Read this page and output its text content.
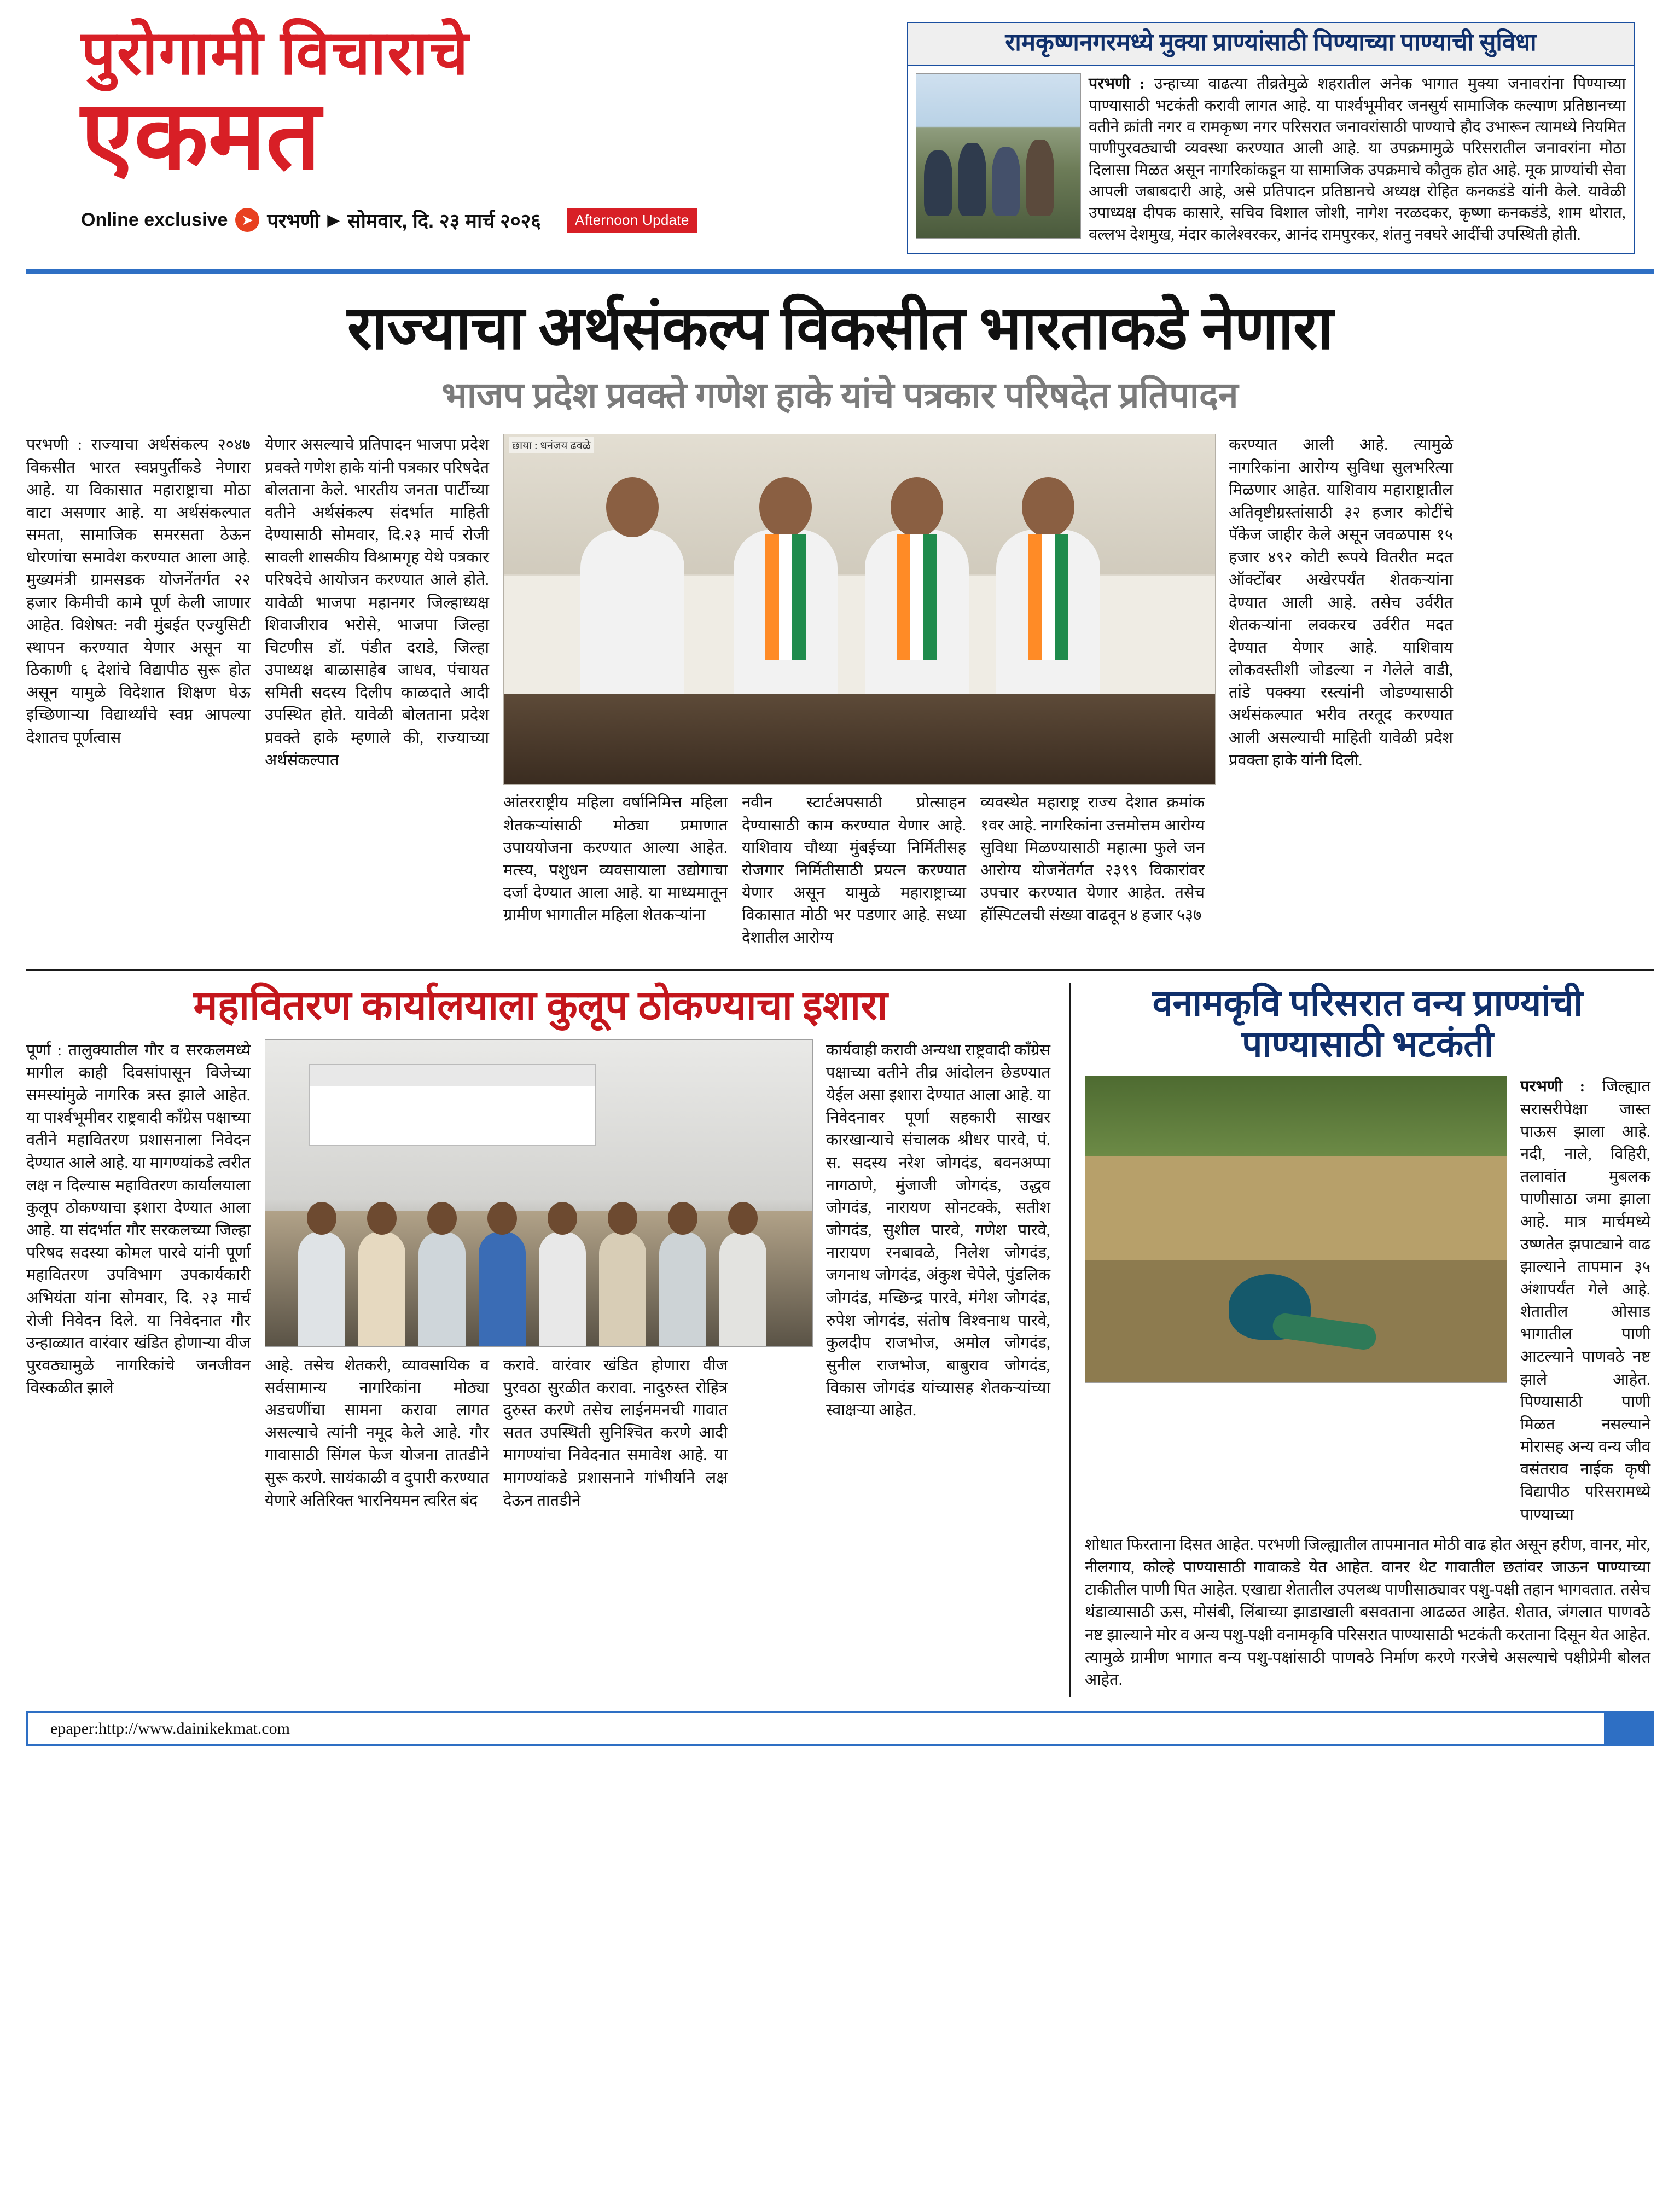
पुरोगामी विचाराचे
एकमत
Online exclusive ➤ परभणी ▶ सोमवार, दि. २३ मार्च २०२६	Afternoon Update
रामकृष्णनगरमध्ये मुक्या प्राण्यांसाठी पिण्याच्या पाण्याची सुविधा
परभणी : उन्हाच्या वाढत्या तीव्रतेमुळे शहरातील अनेक भागात मुक्या जनावरांना पिण्याच्या पाण्यासाठी भटकंती करावी लागत आहे. या पार्श्वभूमीवर जनसुर्य सामाजिक कल्याण प्रतिष्ठानच्या वतीने क्रांती नगर व रामकृष्ण नगर परिसरात जनावरांसाठी पाण्याचे हौद उभारून त्यामध्ये नियमित पाणीपुरवठ्याची व्यवस्था करण्यात आली आहे. या उपक्रमामुळे परिसरातील जनावरांना मोठा दिलासा मिळत असून नागरिकांकडून या सामाजिक उपक्रमाचे कौतुक होत आहे. मूक प्राण्यांची सेवा आपली जबाबदारी आहे, असे प्रतिपादन प्रतिष्ठानचे अध्यक्ष रोहित कनकडंडे यांनी केले. यावेळी उपाध्यक्ष दीपक कासारे, सचिव विशाल जोशी, नागेश नरळदकर, कृष्णा कनकडंडे, शाम थोरात, वल्लभ देशमुख, मंदार कालेश्वरकर, आनंद रामपुरकर, शंतनु नवघरे आदींची उपस्थिती होती.
राज्याचा अर्थसंकल्प विकसीत भारताकडे नेणारा
भाजप प्रदेश प्रवक्ते गणेश हाके यांचे पत्रकार परिषदेत प्रतिपादन

परभणी : राज्याचा अर्थसंकल्प २०४७ विकसीत भारत स्वप्नपुर्तीकडे नेणारा आहे. या विकासात महाराष्ट्राचा मोठा वाटा असणार आहे. या अर्थसंकल्पात समता, सामाजिक समरसता ठेऊन धोरणांचा समावेश करण्यात आला आहे. मुख्यमंत्री ग्रामसडक योजनेंतर्गत २२ हजार किमीची कामे पूर्ण केली जाणार आहेत. विशेषत: नवी मुंबईत एज्युसिटी स्थापन करण्यात येणार असून या ठिकाणी ६ देशांचे विद्यापीठ सुरू होत असून यामुळे विदेशात शिक्षण घेऊ इच्छिणाऱ्या विद्यार्थ्यांचे स्वप्न आपल्या देशातच पूर्णत्वास

येणार असल्याचे प्रतिपादन भाजपा प्रदेश प्रवक्ते गणेश हाके यांनी पत्रकार परिषदेत बोलताना केले. भारतीय जनता पार्टीच्या वतीने अर्थसंकल्प संदर्भात माहिती देण्यासाठी सोमवार, दि.२३ मार्च रोजी सावली शासकीय विश्रामगृह येथे पत्रकार परिषदेचे आयोजन करण्यात आले होते. यावेळी भाजपा महानगर जिल्हाध्यक्ष शिवाजीराव भरोसे, भाजपा जिल्हा चिटणीस डॉ. पंडीत दराडे, जिल्हा उपाध्यक्ष बाळासाहेब जाधव, पंचायत समिती सदस्य दिलीप काळदाते आदी उपस्थित होते. यावेळी बोलताना प्रदेश प्रवक्ते हाके म्हणाले की, राज्याच्या अर्थसंकल्पात

छाया : धनंजय ढवळे

आंतरराष्ट्रीय महिला वर्षानिमित्त महिला शेतकऱ्यांसाठी मोठ्या प्रमाणात उपाययोजना करण्यात आल्या आहेत. मत्स्य, पशुधन व्यवसायाला उद्योगाचा दर्जा देण्यात आला आहे. या माध्यमातून ग्रामीण भागातील महिला शेतकऱ्यांना

नवीन स्टार्टअपसाठी प्रोत्साहन देण्यासाठी काम करण्यात येणार आहे. याशिवाय चौथ्या मुंबईच्या निर्मितीसह रोजगार निर्मितीसाठी प्रयत्न करण्यात येणार असून यामुळे महाराष्ट्राच्या विकासात मोठी भर पडणार आहे. सध्या देशातील आरोग्य

व्यवस्थेत महाराष्ट्र राज्य देशात क्रमांक १वर आहे. नागरिकांना उत्तमोत्तम आरोग्य सुविधा मिळण्यासाठी महात्मा फुले जन आरोग्य योजनेंतर्गत २३९९ विकारांवर उपचार करण्यात येणार आहेत. तसेच हॉस्पिटलची संख्या वाढवून ४ हजार ५३७

करण्यात आली आहे. त्यामुळे नागरिकांना आरोग्य सुविधा सुलभरित्या मिळणार आहेत. याशिवाय महाराष्ट्रातील अतिवृष्टीग्रस्तांसाठी ३२ हजार कोटींचे पॅकेज जाहीर केले असून जवळपास १५ हजार ४९२ कोटी रूपये वितरीत मदत ऑक्टोंबर अखेरपर्यंत शेतकऱ्यांना देण्यात आली आहे. तसेच उर्वरीत शेतकऱ्यांना लवकरच उर्वरीत मदत देण्यात येणार आहे. याशिवाय लोकवस्तीशी जोडल्या न गेलेले वाडी, तांडे पक्क्या रस्त्यांनी जोडण्यासाठी अर्थसंकल्पात भरीव तरतूद करण्यात आली असल्याची माहिती यावेळी प्रदेश प्रवक्ता हाके यांनी दिली.

महावितरण कार्यालयाला कुलूप ठोकण्याचा इशारा

पूर्णा : तालुक्यातील गौर व सरकलमध्ये मागील काही दिवसांपासून विजेच्या समस्यांमुळे नागरिक त्रस्त झाले आहेत. या पार्श्वभूमीवर राष्ट्रवादी काँग्रेस पक्षाच्या वतीने महावितरण प्रशासनाला निवेदन देण्यात आले आहे. या मागण्यांकडे त्वरीत लक्ष न दिल्यास महावितरण कार्यालयाला कुलूप ठोकण्याचा इशारा देण्यात आला आहे. या संदर्भात गौर सरकलच्या जिल्हा परिषद सदस्या कोमल पारवे यांनी पूर्णा महावितरण उपविभाग उपकार्यकारी अभियंता यांना सोमवार, दि. २३ मार्च रोजी निवेदन दिले. या निवेदनात गौर उन्हाळ्यात वारंवार खंडित होणाऱ्या वीज पुरवठ्यामुळे नागरिकांचे जनजीवन विस्कळीत झाले

आहे. तसेच शेतकरी, व्यावसायिक व सर्वसामान्य नागरिकांना मोठ्या अडचणींचा सामना करावा लागत असल्याचे त्यांनी नमूद केले आहे. गौर गावासाठी सिंगल फेज योजना तातडीने सुरू करणे. सायंकाळी व दुपारी करण्यात येणारे अतिरिक्त भारनियमन त्वरित बंद

करावे. वारंवार खंडित होणारा वीज पुरवठा सुरळीत करावा. नादुरुस्त रोहित्र दुरुस्त करणे तसेच लाईनमनची गावात सतत उपस्थिती सुनिश्चित करणे आदी मागण्यांचा निवेदनात समावेश आहे. या मागण्यांकडे प्रशासनाने गांभीर्याने लक्ष देऊन तातडीने

कार्यवाही करावी अन्यथा राष्ट्रवादी काँग्रेस पक्षाच्या वतीने तीव्र आंदोलन छेडण्यात येईल असा इशारा देण्यात आला आहे. या निवेदनावर पूर्णा सहकारी साखर कारखान्याचे संचालक श्रीधर पारवे, पं. स. सदस्य नरेश जोगदंड, बवनअप्पा नागठाणे, मुंजाजी जोगदंड, उद्धव जोगदंड, नारायण सोनटक्के, सतीश जोगदंड, सुशील पारवे, गणेश पारवे, नारायण रनबावळे, निलेश जोगदंड, जगनाथ जोगदंड, अंकुश चेपेले, पुंडलिक जोगदंड, मच्छिन्द्र पारवे, मंगेश जोगदंड, रुपेश जोगदंड, संतोष विश्वनाथ पारवे, कुलदीप राजभोज, अमोल जोगदंड, सुनील राजभोज, बाबुराव जोगदंड, विकास जोगदंड यांच्यासह शेतकऱ्यांच्या स्वाक्षऱ्या आहेत.

वनामकृवि परिसरात वन्य प्राण्यांची पाण्यासाठी भटकंती
परभणी : जिल्ह्यात सरासरीपेक्षा जास्त पाऊस झाला आहे. नदी, नाले, विहिरी, तलावांत मुबलक पाणीसाठा जमा झाला आहे. मात्र मार्चमध्ये उष्णतेत झपाट्याने वाढ झाल्याने तापमान ३५ अंशापर्यंत गेले आहे. शेतातील ओसाड भागातील पाणी आटल्याने पाणवठे नष्ट झाले आहेत. पिण्यासाठी पाणी मिळत नसल्याने मोरासह अन्य वन्य जीव वसंतराव नाईक कृषी विद्यापीठ परिसरामध्ये पाण्याच्या

शोधात फिरताना दिसत आहेत. परभणी जिल्ह्यातील तापमानात मोठी वाढ होत असून हरीण, वानर, मोर, नीलगाय, कोल्हे पाण्यासाठी गावाकडे येत आहेत. वानर थेट गावातील छतांवर जाऊन पाण्याच्या टाकीतील पाणी पित आहेत. एखाद्या शेतातील उपलब्ध पाणीसाठ्यावर पशु-पक्षी तहान भागवतात. तसेच थंडाव्यासाठी ऊस, मोसंबी, लिंबाच्या झाडाखाली बसवताना आढळत आहेत. शेतात, जंगलात पाणवठे नष्ट झाल्याने मोर व अन्य पशु-पक्षी वनामकृवि परिसरात पाण्यासाठी भटकंती करताना दिसून येत आहेत. त्यामुळे ग्रामीण भागात वन्य पशु-पक्षांसाठी पाणवठे निर्माण करणे गरजेचे असल्याचे पक्षीप्रेमी बोलत आहेत.

epaper:http://www.dainikekmat.com
